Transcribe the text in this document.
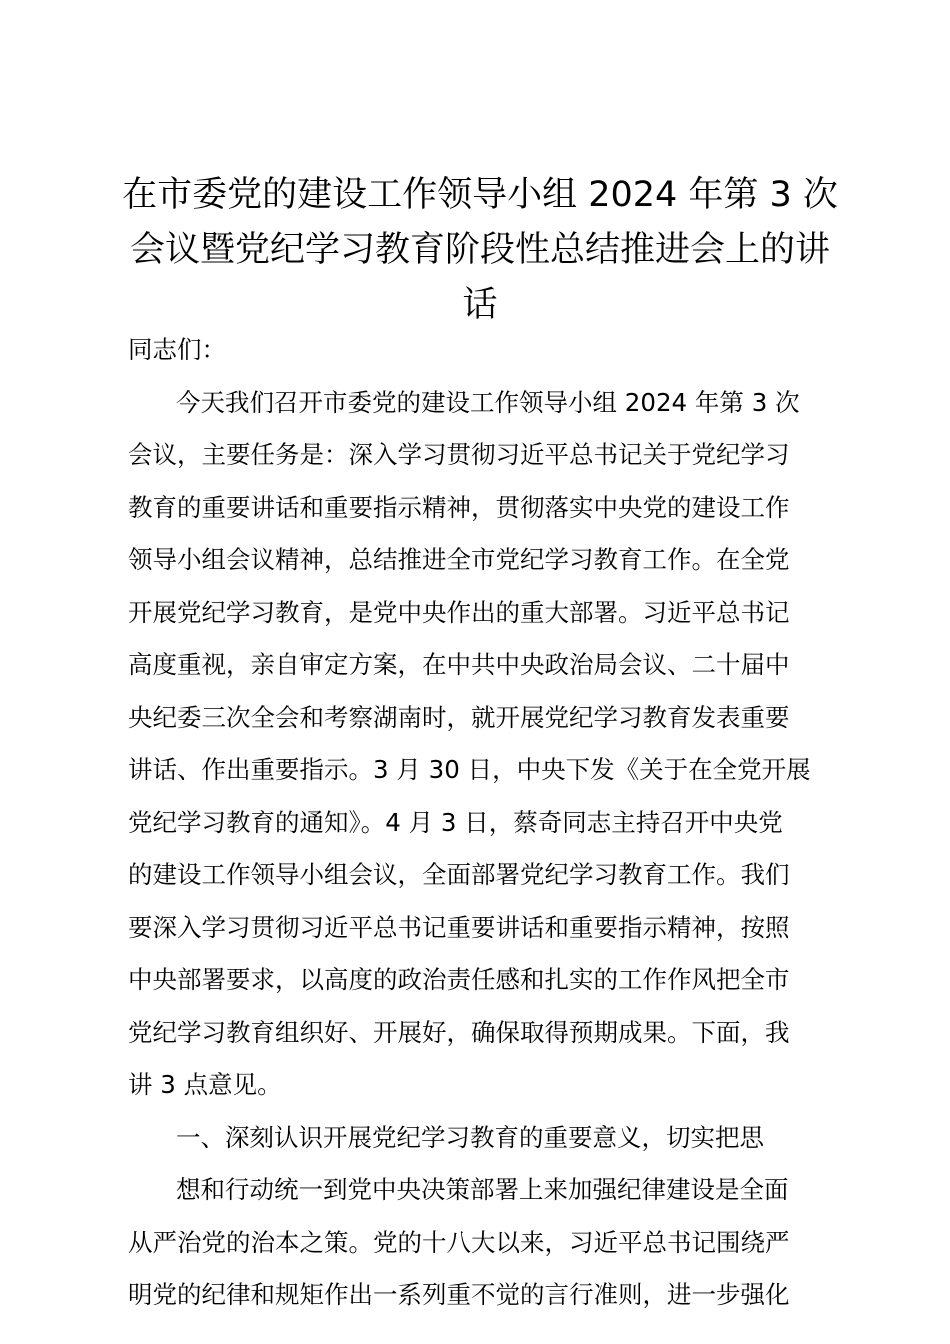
在市委党的建设工作领导小组 2024 年第 3 次
会议暨党纪学习教育阶段性总结推进会上的讲
话
同志们：
今天我们召开市委党的建设工作领导小组 2024 年第 3 次
会议，主要任务是：深入学习贯彻习近平总书记关于党纪学习
教育的重要讲话和重要指示精神，贯彻落实中央党的建设工作
领导小组会议精神，总结推进全市党纪学习教育工作。在全党
开展党纪学习教育，是党中央作出的重大部署。习近平总书记
高度重视，亲自审定方案，在中共中央政治局会议、二十届中
央纪委三次全会和考察湖南时，就开展党纪学习教育发表重要
讲话、作出重要指示。3 月 30 日，中央下发《关于在全党开展
党纪学习教育的通知》。4 月 3 日，蔡奇同志主持召开中央党
的建设工作领导小组会议，全面部署党纪学习教育工作。我们
要深入学习贯彻习近平总书记重要讲话和重要指示精神，按照
中央部署要求，以高度的政治责任感和扎实的工作作风把全市
党纪学习教育组织好、开展好，确保取得预期成果。下面，我
讲 3 点意见。
一、深刻认识开展党纪学习教育的重要意义，切实把思
想和行动统一到党中央决策部署上来加强纪律建设是全面
从严治党的治本之策。党的十八大以来，习近平总书记围绕严
明党的纪律和规矩作出一系列重不觉的言行准则，进一步强化
